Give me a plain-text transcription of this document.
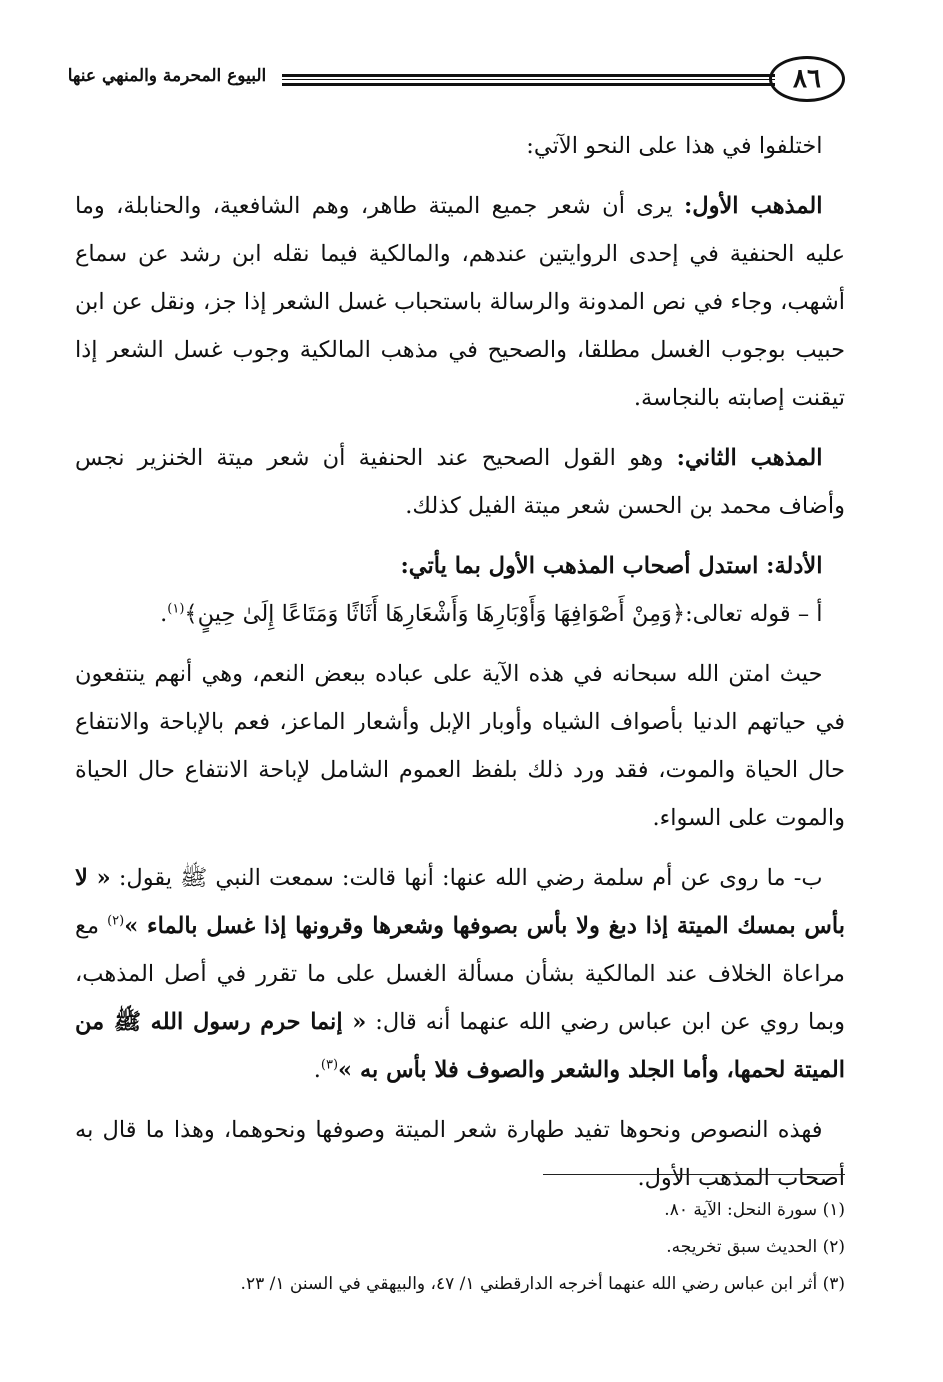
٨٦
البيوع المحرمة والمنهي عنها

 اختلفوا في هذا على النحو الآتي:

 المذهب الأول: يرى أن شعر جميع الميتة طاهر، وهم الشافعية، والحنابلة، وما عليه الحنفية في إحدى الروايتين عندهم، والمالكية فيما نقله ابن رشد عن سماع أشهب، وجاء في نص المدونة والرسالة باستحباب غسل الشعر إذا جز، ونقل عن ابن حبيب بوجوب الغسل مطلقا، والصحيح في مذهب المالكية وجوب غسل الشعر إذا تيقنت إصابته بالنجاسة.

 المذهب الثاني: وهو القول الصحيح عند الحنفية أن شعر ميتة الخنزير نجس وأضاف محمد بن الحسن شعر ميتة الفيل كذلك.

 الأدلة: استدل أصحاب المذهب الأول بما يأتي:

 أ – قوله تعالى:﴿وَمِنْ أَصْوَافِهَا وَأَوْبَارِهَا وَأَشْعَارِهَا أَثَاثًا وَمَتَاعًا إِلَىٰ حِينٍ﴾$^{(١)}$.

 حيث امتن الله سبحانه في هذه الآية على عباده ببعض النعم، وهي أنهم ينتفعون في حياتهم الدنيا بأصواف الشياه وأوبار الإبل وأشعار الماعز، فعم بالإباحة والانتفاع حال الحياة والموت، فقد ورد ذلك بلفظ العموم الشامل لإباحة الانتفاع حال الحياة والموت على السواء.

 ب- ما روى عن أم سلمة رضي الله عنها: أنها قالت: سمعت النبي ﷺ يقول: « لا بأس بمسك الميتة إذا دبغ ولا بأس بصوفها وشعرها وقرونها إذا غسل بالماء »$^{(٢)}$ مع مراعاة الخلاف عند المالكية بشأن مسألة الغسل على ما تقرر في أصل المذهب، وبما روي عن ابن عباس رضي الله عنهما أنه قال: « إنما حرم رسول الله ﷺ من الميتة لحمها، وأما الجلد والشعر والصوف فلا بأس به »$^{(٣)}$.

 فهذه النصوص ونحوها تفيد طهارة شعر الميتة وصوفها ونحوهما، وهذا ما قال به أصحاب المذهب الأول.

(١) سورة النحل: الآية ٨٠.

(٢) الحديث سبق تخريجه.

(٣) أثر ابن عباس رضي الله عنهما أخرجه الدارقطني ١/ ٤٧، والبيهقي في السنن ١/ ٢٣.
